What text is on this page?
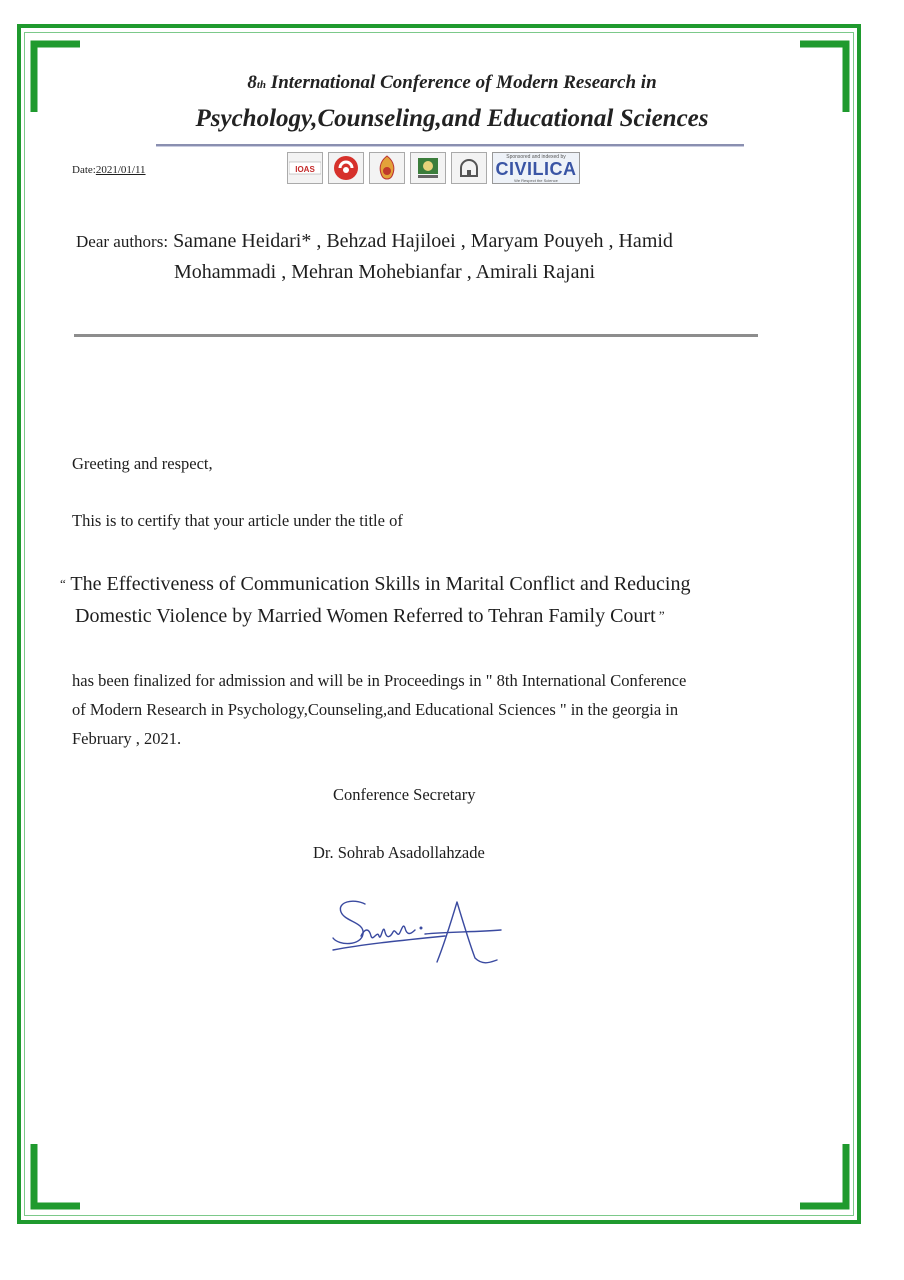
8th International Conference of Modern Research in
Psychology,Counseling,and Educational Sciences
Date:2021/01/11	IOAS
Sponsored and indexed by
CIVILICA
We Respect the Science
Dear authors: Samane Heidari* , Behzad Hajiloei , Maryam Pouyeh , Hamid
Mohammadi , Mehran Mohebianfar , Amirali Rajani
Greeting and respect,
This is to certify that your article under the title of
“ The Effectiveness of Communication Skills in Marital Conflict and Reducing
Domestic Violence by Married Women Referred to Tehran Family Court ”
has been finalized for admission and will be in Proceedings in " 8th International Conference
of Modern Research in Psychology,Counseling,and Educational Sciences " in the georgia in
February , 2021.
Conference Secretary
Dr. Sohrab Asadollahzade
